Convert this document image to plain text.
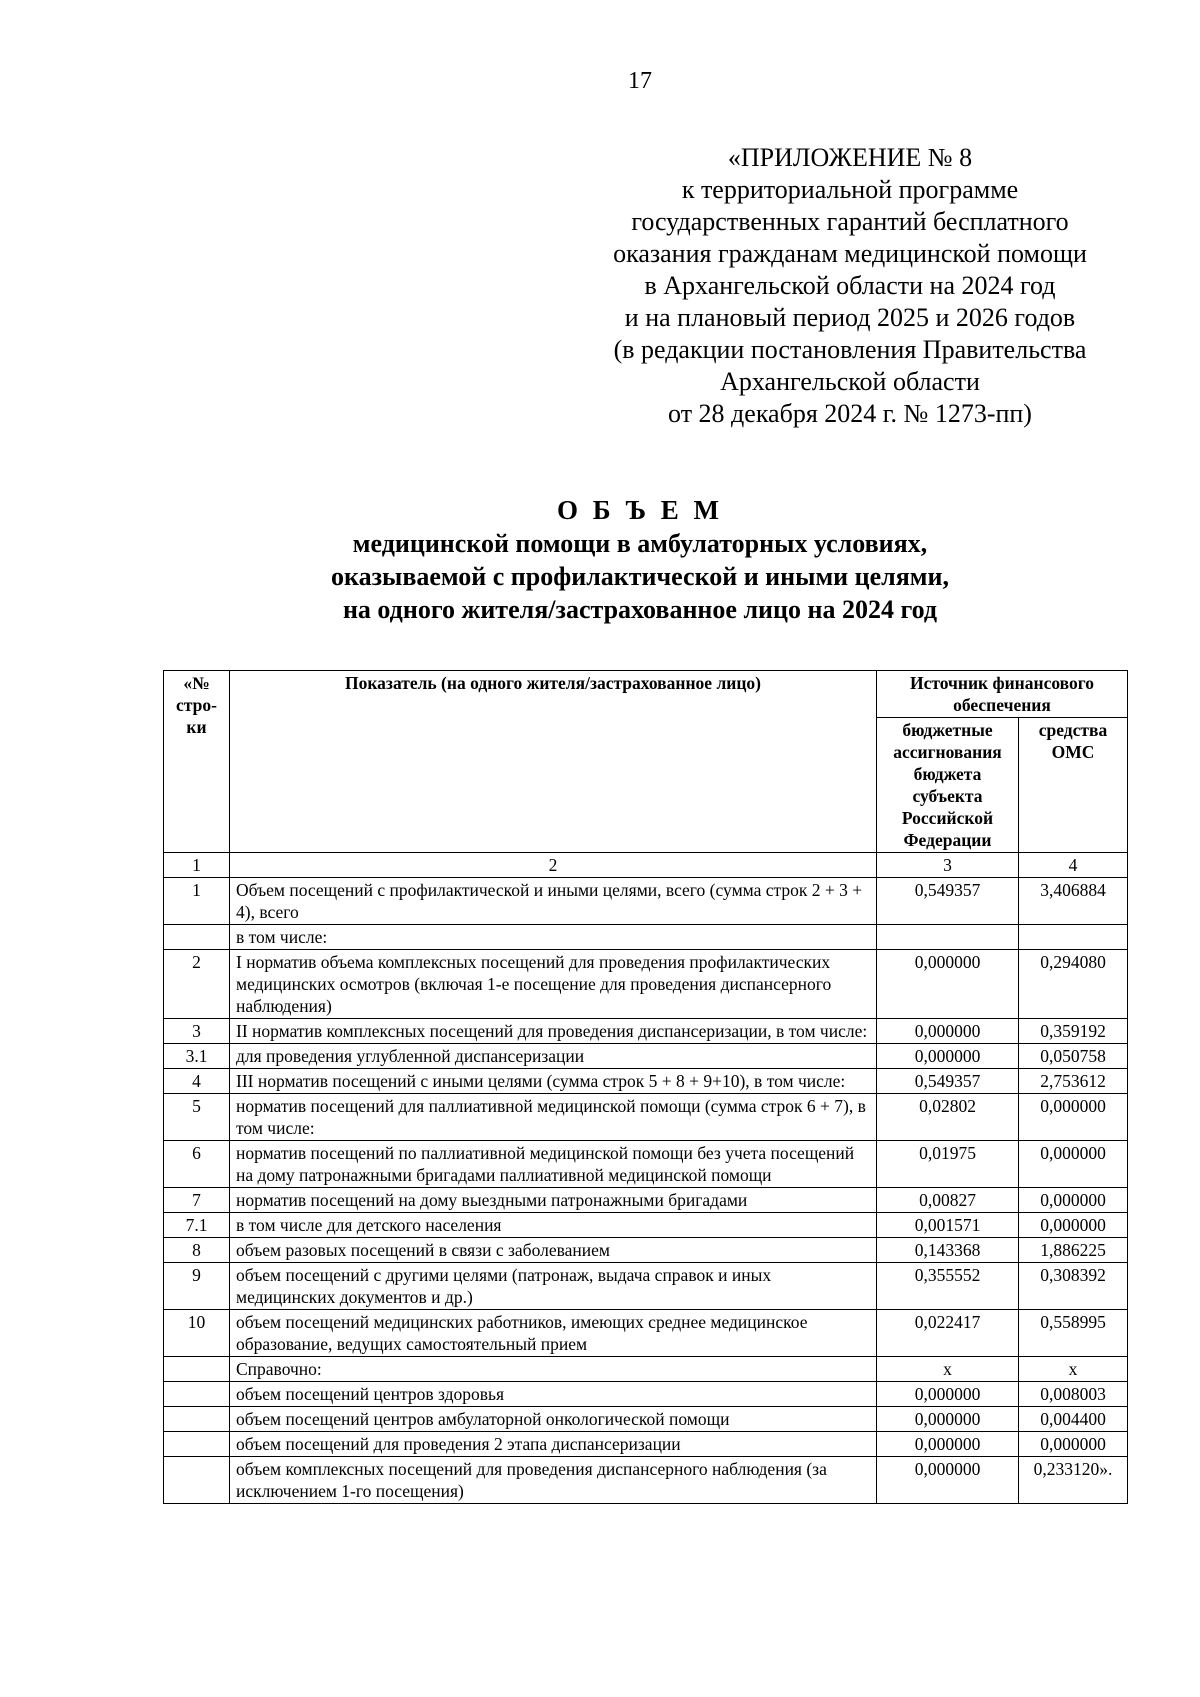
17
«ПРИЛОЖЕНИЕ № 8
к территориальной программе
государственных гарантий бесплатного
оказания гражданам медицинской помощи
в Архангельской области на 2024 год
и на плановый период 2025 и 2026 годов
(в редакции постановления Правительства
Архангельской области
от 28 декабря 2024 г. № 1273-пп)
О Б Ъ Е М
медицинской помощи в амбулаторных условиях,
оказываемой с профилактической и иными целями,
на одного жителя/застрахованное лицо на 2024 год
«№ стро-ки	Показатель (на одного жителя/застрахованное лицо)	Источник финансового обеспечения	
		бюджетные ассигнования бюджета субъекта Российской Федерации	средства ОМС
1	2	3	4
1	Объем посещений с профилактической и иными целями, всего (сумма строк 2 + 3 + 4), всего	0,549357	3,406884
	в том числе:		
2	I норматив объема комплексных посещений для проведения профилактических медицинских осмотров (включая 1-е посещение для проведения диспансерного наблюдения)	0,000000	0,294080
3	II норматив комплексных посещений для проведения диспансеризации, в том числе:	0,000000	0,359192
3.1	для проведения углубленной диспансеризации	0,000000	0,050758
4	III норматив посещений с иными целями (сумма строк 5 + 8 + 9+10), в том числе:	0,549357	2,753612
5	норматив посещений для паллиативной медицинской помощи (сумма строк 6 + 7), в том числе:	0,02802	0,000000
6	норматив посещений по паллиативной медицинской помощи без учета посещений на дому патронажными бригадами паллиативной медицинской помощи	0,01975	0,000000
7	норматив посещений на дому выездными патронажными бригадами	0,00827	0,000000
7.1	в том числе для детского населения	0,001571	0,000000
8	объем разовых посещений в связи с заболеванием	0,143368	1,886225
9	объем посещений с другими целями (патронаж, выдача справок и иных медицинских документов и др.)	0,355552	0,308392
10	объем посещений медицинских работников, имеющих среднее медицинское образование, ведущих самостоятельный прием	0,022417	0,558995
	Справочно:	х	х
	объем посещений центров здоровья	0,000000	0,008003
	объем посещений центров амбулаторной онкологической помощи	0,000000	0,004400
	объем посещений для проведения 2 этапа диспансеризации	0,000000	0,000000
	объем комплексных посещений для проведения диспансерного наблюдения (за исключением 1-го посещения)	0,000000	0,233120».
